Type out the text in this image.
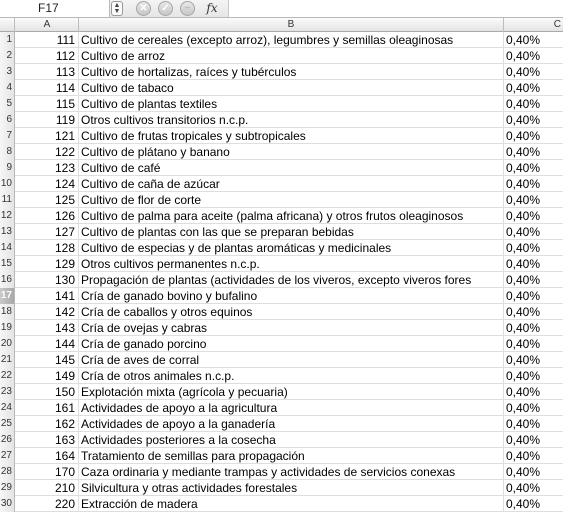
F17	▲
▼	✕	✓	−	fx
A	B	C
1	111 Cultivo de cereales (excepto arroz), legumbres y semillas oleaginosas	0,40%
2	112 Cultivo de arroz	0,40%
3	113 Cultivo de hortalizas, raíces y tubérculos	0,40%
4	114 Cultivo de tabaco	0,40%
5	115 Cultivo de plantas textiles	0,40%
6	119 Otros cultivos transitorios n.c.p.	0,40%
7	121 Cultivo de frutas tropicales y subtropicales	0,40%
8	122 Cultivo de plátano y banano	0,40%
9	123 Cultivo de café	0,40%
10	124 Cultivo de caña de azúcar	0,40%
11	125 Cultivo de flor de corte	0,40%
12	126 Cultivo de palma para aceite (palma africana) y otros frutos oleaginosos	0,40%
13	127 Cultivo de plantas con las que se preparan bebidas	0,40%
14	128 Cultivo de especias y de plantas aromáticas y medicinales	0,40%
15	129 Otros cultivos permanentes n.c.p.	0,40%
16	130 Propagación de plantas (actividades de los viveros, excepto viveros fores	0,40%
17	141 Cría de ganado bovino y bufalino	0,40%
18	142 Cría de caballos y otros equinos	0,40%
19	143 Cría de ovejas y cabras	0,40%
20	144 Cría de ganado porcino	0,40%
21	145 Cría de aves de corral	0,40%
22	149 Cría de otros animales n.c.p.	0,40%
23	150 Explotación mixta (agrícola y pecuaria)	0,40%
24	161 Actividades de apoyo a la agricultura	0,40%
25	162 Actividades de apoyo a la ganadería	0,40%
26	163 Actividades posteriores a la cosecha	0,40%
27	164 Tratamiento de semillas para propagación	0,40%
28	170 Caza ordinaria y mediante trampas y actividades de servicios conexas	0,40%
29	210 Silvicultura y otras actividades forestales	0,40%
30	220 Extracción de madera	0,40%
